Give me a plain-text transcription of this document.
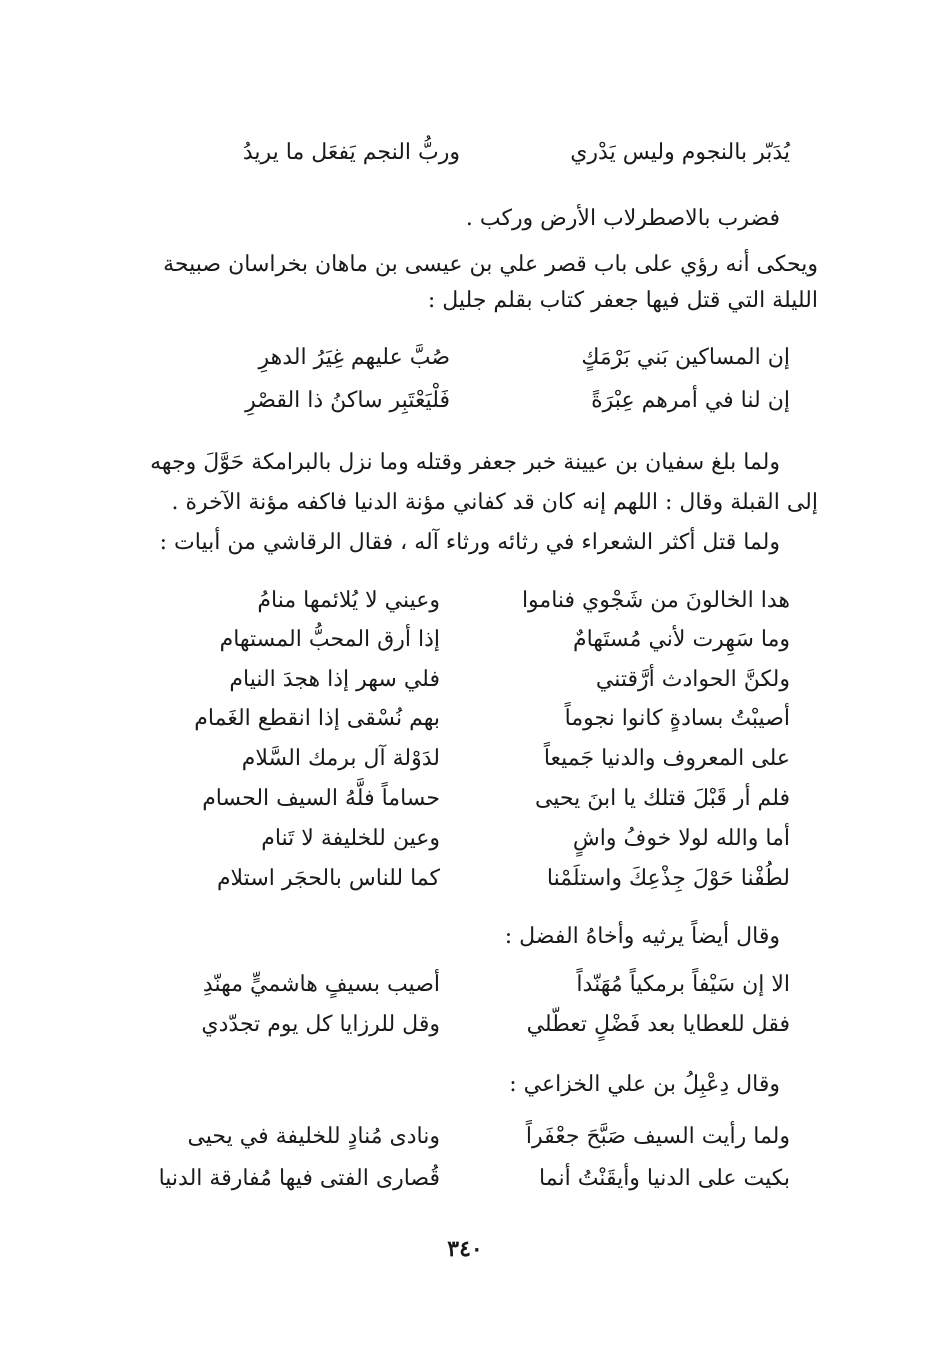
يُدَبّر بالنجوم وليس يَدْري
وربُّ النجم يَفعَل ما يريدُ
فضرب بالاصطرلاب الأرض وركب .
ويحكى أنه رؤي على باب قصر علي بن عيسى بن ماهان بخراسان صبيحة
الليلة التي قتل فيها جعفر كتاب بقلم جليل :
إن المساكين بَني بَرْمَكٍ
صُبَّ عليهم غِيَرُ الدهرِ
إن لنا في أمرهم عِبْرَةً
فَلْيَعْتَبِر ساكنُ ذا القصْرِ
ولما بلغ سفيان بن عيينة خبر جعفر وقتله وما نزل بالبرامكة حَوَّلَ وجهه
إلى القبلة وقال : اللهم إنه كان قد كفاني مؤنة الدنيا فاكفه مؤنة الآخرة .
ولما قتل أكثر الشعراء في رثائه ورثاء آله ، فقال الرقاشي من أبيات :
هدا الخالونَ من شَجْوي فناموا
وعيني لا يُلائمها منامُ
وما سَهِرت لأني مُستَهامٌ
إذا أرق المحبُّ المستهام
ولكنَّ الحوادث أرَّقتني
فلي سهر إذا هجدَ النيام
أصيبْتُ بسادةٍ كانوا نجوماً
بهم نُسْقى إذا انقطع الغَمام
على المعروف والدنيا جَميعاً
لدَوْلة آل برمك السَّلام
فلم أر قَبْلَ قتلك يا ابنَ يحيى
حساماً فلَّهُ السيف الحسام
أما والله لولا خوفُ واشٍ
وعين للخليفة لا تَنام
لطُفْنا حَوْلَ جِذْعِكَ واستلَمْنا
كما للناس بالحجَر استلام
وقال أيضاً يرثيه وأخاهُ الفضل :
الا إن سَيْفاً برمكياً مُهَنّداً
أصيب بسيفٍ هاشميٍّ مهنّدِ
فقل للعطايا بعد فَضْلٍ تعطّلي
وقل للرزايا كل يوم تجدّدي
وقال دِعْبِلُ بن علي الخزاعي :
ولما رأيت السيف صَبَّحَ جعْفَراً
ونادى مُنادٍ للخليفة في يحيى
بكيت على الدنيا وأيقَنْتُ أنما
قُصارى الفتى فيها مُفارقة الدنيا
٣٤٠
